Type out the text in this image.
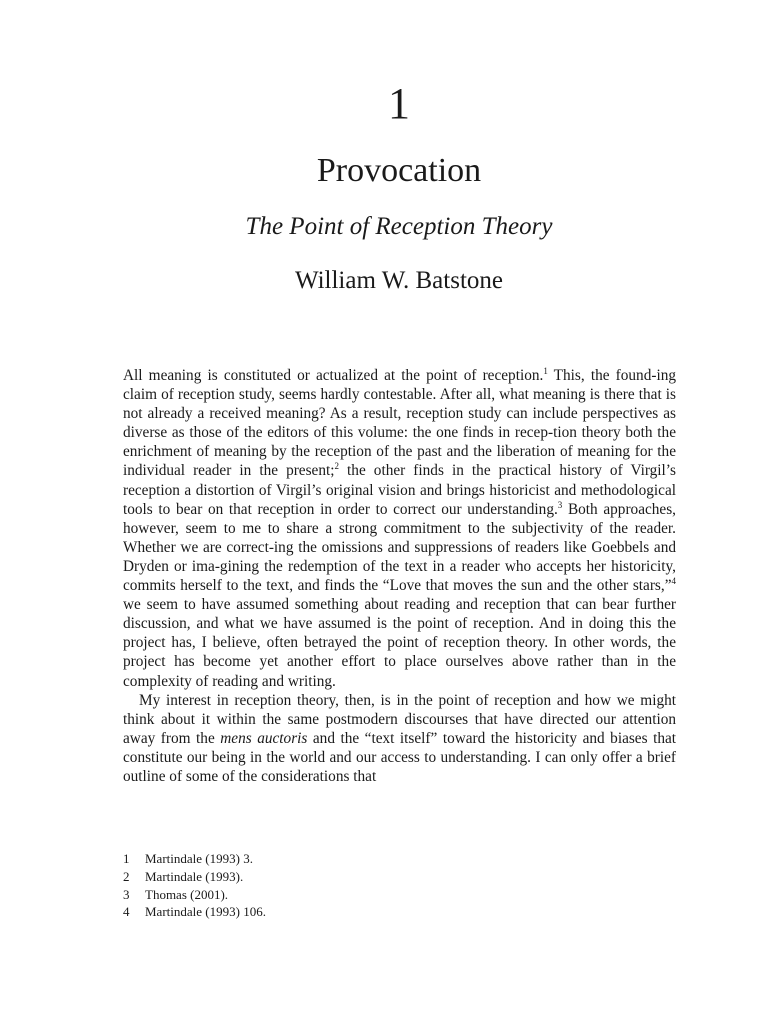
1
Provocation
The Point of Reception Theory
William W. Batstone

All meaning is constituted or actualized at the point of reception.$^1$ This, the found-ing claim of reception study, seems hardly contestable. After all, what meaning is there that is not already a received meaning? As a result, reception study can include perspectives as diverse as those of the editors of this volume: the one finds in recep-tion theory both the enrichment of meaning by the reception of the past and the liberation of meaning for the individual reader in the present;$^2$ the other finds in the practical history of Virgil’s reception a distortion of Virgil’s original vision and brings historicist and methodological tools to bear on that reception in order to correct our understanding.$^3$ Both approaches, however, seem to me to share a strong commitment to the subjectivity of the reader. Whether we are correct-ing the omissions and suppressions of readers like Goebbels and Dryden or ima-gining the redemption of the text in a reader who accepts her historicity, commits herself to the text, and finds the “Love that moves the sun and the other stars,”$^4$ we seem to have assumed something about reading and reception that can bear further discussion, and what we have assumed is the point of reception. And in doing this the project has, I believe, often betrayed the point of reception theory. In other words, the project has become yet another effort to place ourselves above rather than in the complexity of reading and writing.

My interest in reception theory, then, is in the point of reception and how we might think about it within the same postmodern discourses that have directed our attention away from the mens auctoris and the “text itself” toward the historicity and biases that constitute our being in the world and our access to understanding. I can only offer a brief outline of some of the considerations that

1	Martindale (1993) 3.
2	Martindale (1993).
3	Thomas (2001).
4	Martindale (1993) 106.
